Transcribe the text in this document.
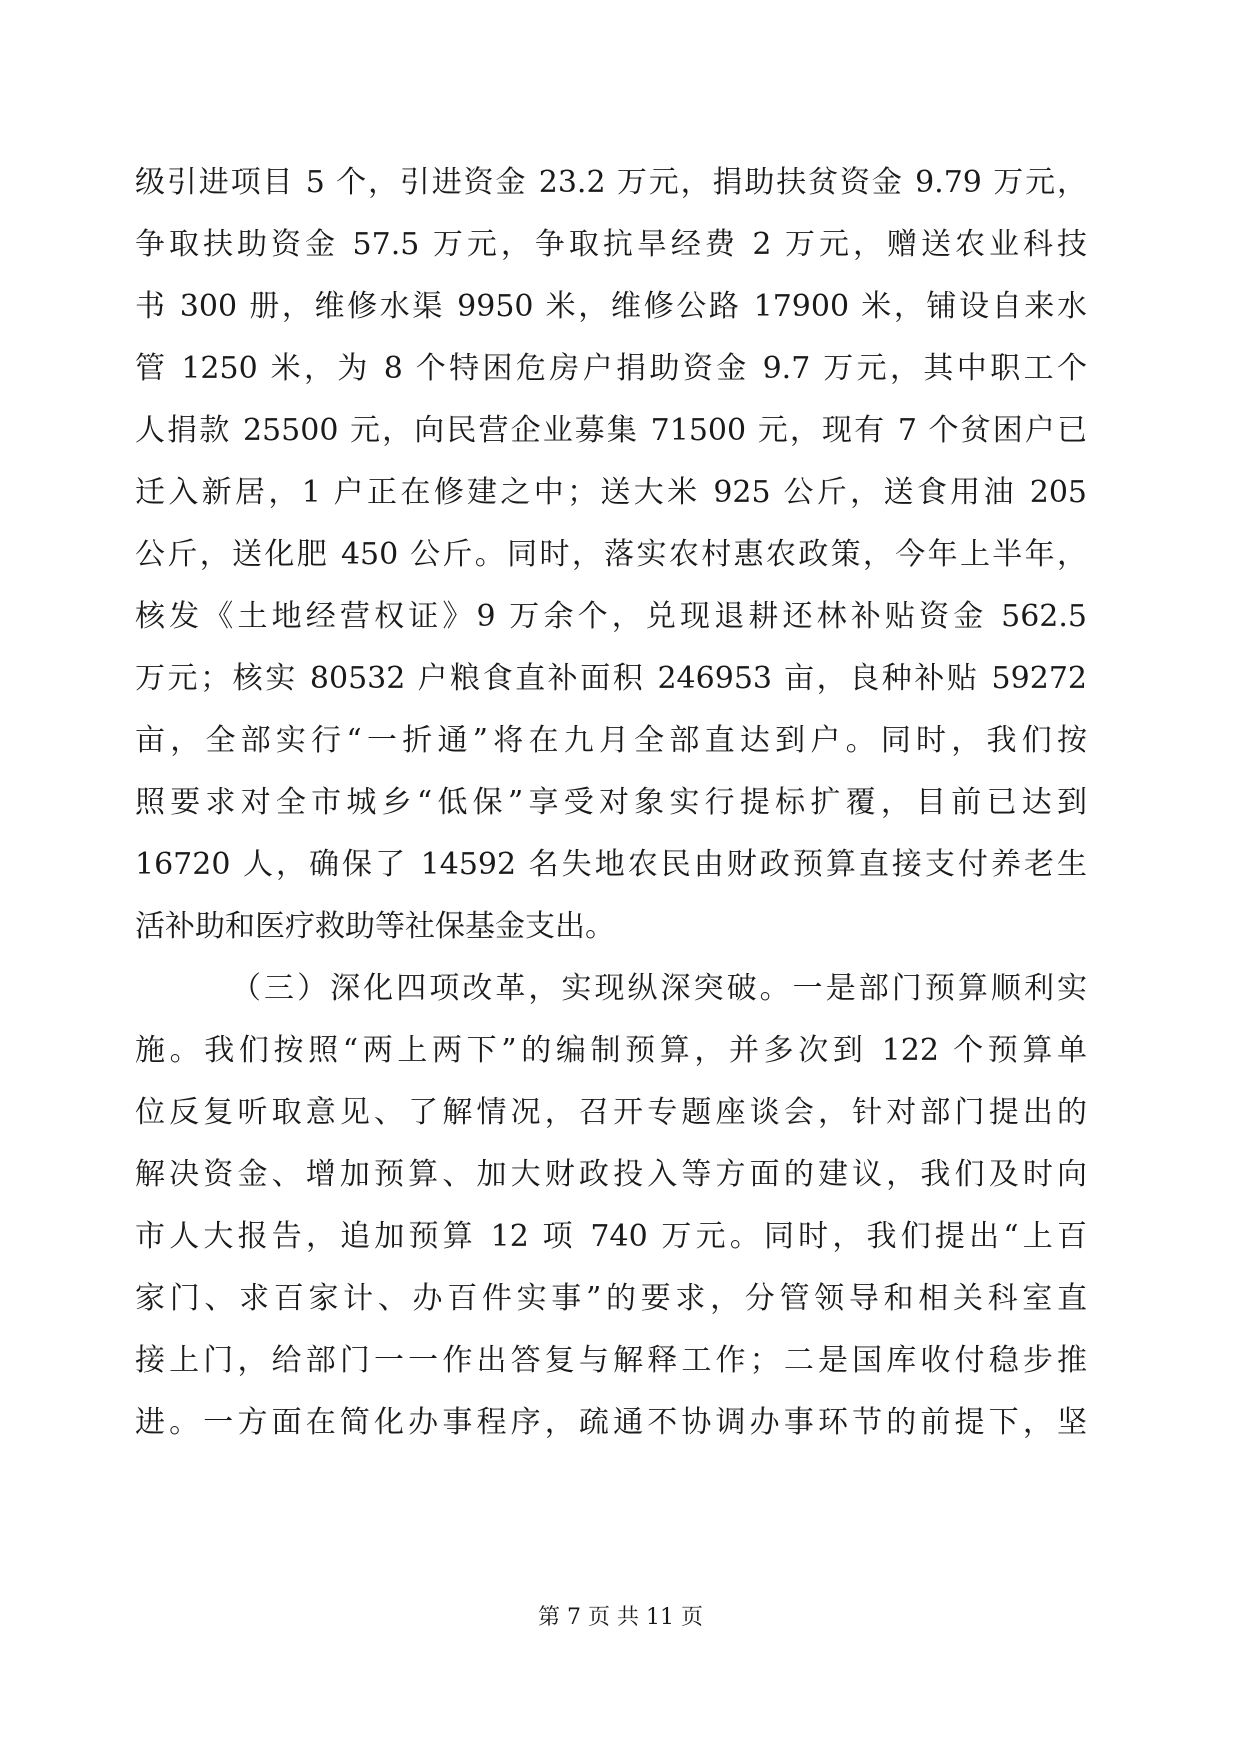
级引进项目 5 个，引进资金 23.2 万元，捐助扶贫资金 9.79 万元，
争取扶助资金 57.5 万元，争取抗旱经费 2 万元，赠送农业科技
书 300 册，维修水渠 9950 米，维修公路 17900 米，铺设自来水
管 1250 米，为 8 个特困危房户捐助资金 9.7 万元，其中职工个
人捐款 25500 元，向民营企业募集 71500 元，现有 7 个贫困户已
迁入新居，1 户正在修建之中；送大米 925 公斤，送食用油 205
公斤，送化肥 450 公斤。同时，落实农村惠农政策，今年上半年，
核发《土地经营权证》9 万余个，兑现退耕还林补贴资金 562.5
万元；核实 80532 户粮食直补面积 246953 亩，良种补贴 59272
亩，全部实行“一折通”将在九月全部直达到户。同时，我们按
照要求对全市城乡“低保”享受对象实行提标扩覆，目前已达到
16720 人，确保了 14592 名失地农民由财政预算直接支付养老生
活补助和医疗救助等社保基金支出。
（三）深化四项改革，实现纵深突破。一是部门预算顺利实
施。我们按照“两上两下”的编制预算，并多次到 122 个预算单
位反复听取意见、了解情况，召开专题座谈会，针对部门提出的
解决资金、增加预算、加大财政投入等方面的建议，我们及时向
市人大报告，追加预算 12 项 740 万元。同时，我们提出“上百
家门、求百家计、办百件实事”的要求，分管领导和相关科室直
接上门，给部门一一作出答复与解释工作；二是国库收付稳步推
进。一方面在简化办事程序，疏通不协调办事环节的前提下，坚
第 7 页 共 11 页
